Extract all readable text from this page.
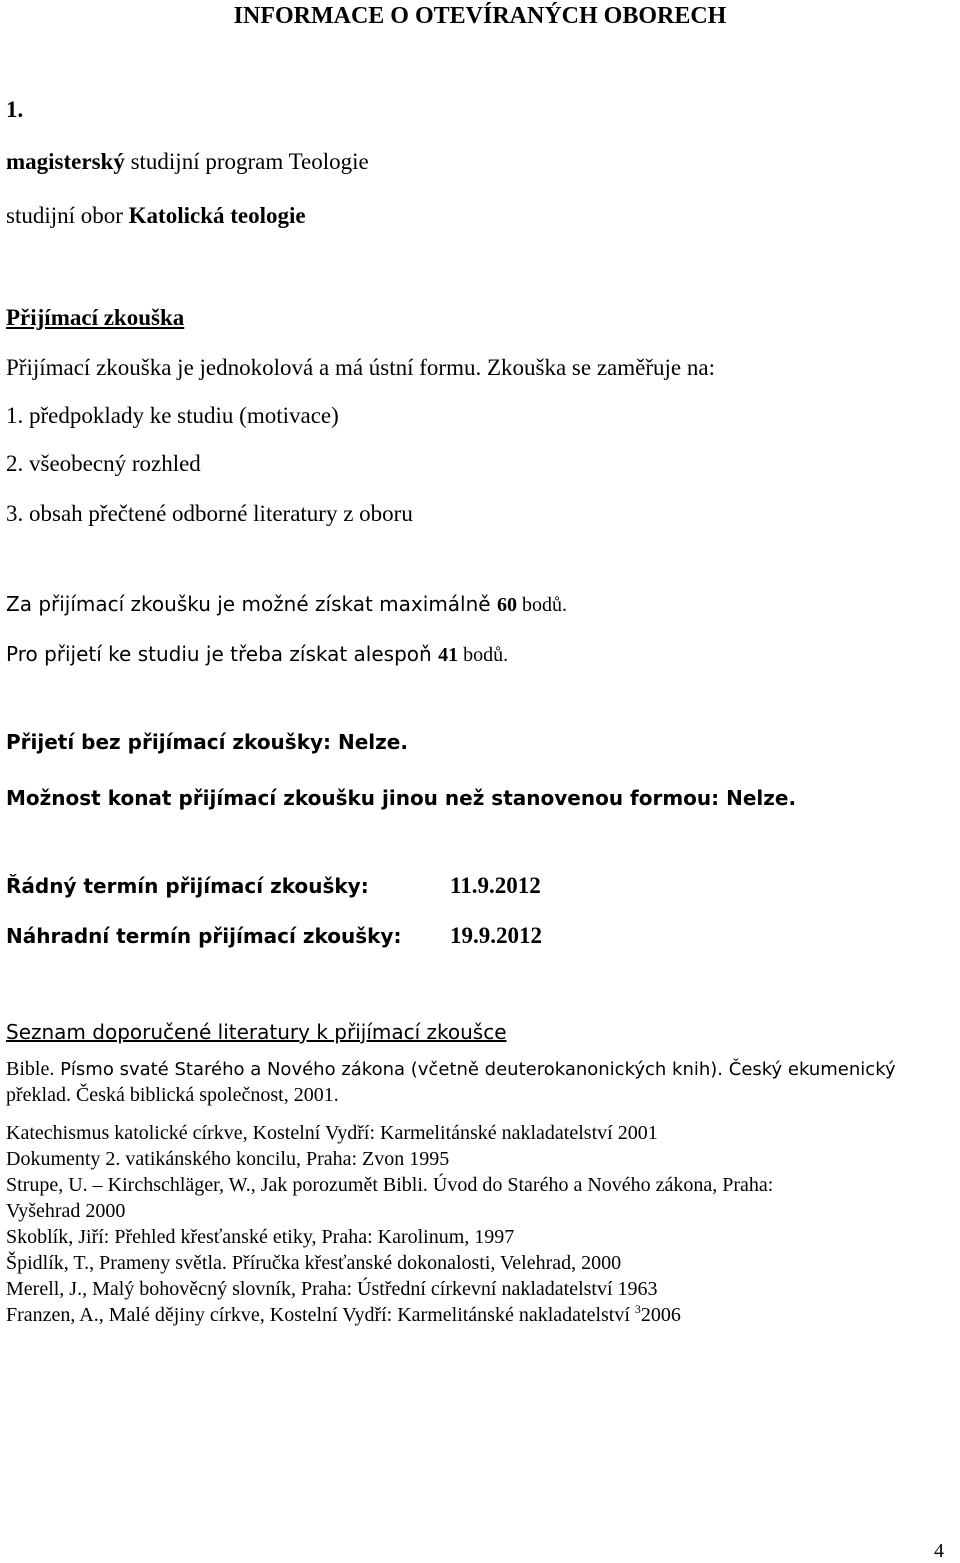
INFORMACE O OTEVÍRANÝCH OBORECH
1.
magisterský studijní program Teologie
studijní obor Katolická teologie
Přijímací zkouška
Přijímací zkouška je jednokolová a má ústní formu. Zkouška se zaměřuje na:
1. předpoklady ke studiu (motivace)
2. všeobecný rozhled
3. obsah přečtené odborné literatury z oboru
Za přijímací zkoušku je možné získat maximálně 60 bodů.
Pro přijetí ke studiu je třeba získat alespoň 41 bodů.
Přijetí bez přijímací zkoušky: Nelze.
Možnost konat přijímací zkoušku jinou než stanovenou formou: Nelze.
Řádný termín přijímací zkoušky:	11.9.2012
Náhradní termín přijímací zkoušky: 19.9.2012
Seznam doporučené literatury k přijímací zkoušce
Bible. Písmo svaté Starého a Nového zákona (včetně deuterokanonických knih). Český ekumenický
překlad. Česká biblická společnost, 2001.
Katechismus katolické církve, Kostelní Vydří: Karmelitánské nakladatelství 2001
Dokumenty 2. vatikánského koncilu, Praha: Zvon 1995
Strupe, U. – Kirchschläger, W., Jak porozumět Bibli. Úvod do Starého a Nového zákona, Praha:
Vyšehrad 2000
Skoblík, Jiří: Přehled křesťanské etiky, Praha: Karolinum, 1997
Špidlík, T., Prameny světla. Příručka křesťanské dokonalosti, Velehrad, 2000
Merell, J., Malý bohověcný slovník, Praha: Ústřední církevní nakladatelství 1963
Franzen, A., Malé dějiny církve, Kostelní Vydří: Karmelitánské nakladatelství $^3$2006
4
